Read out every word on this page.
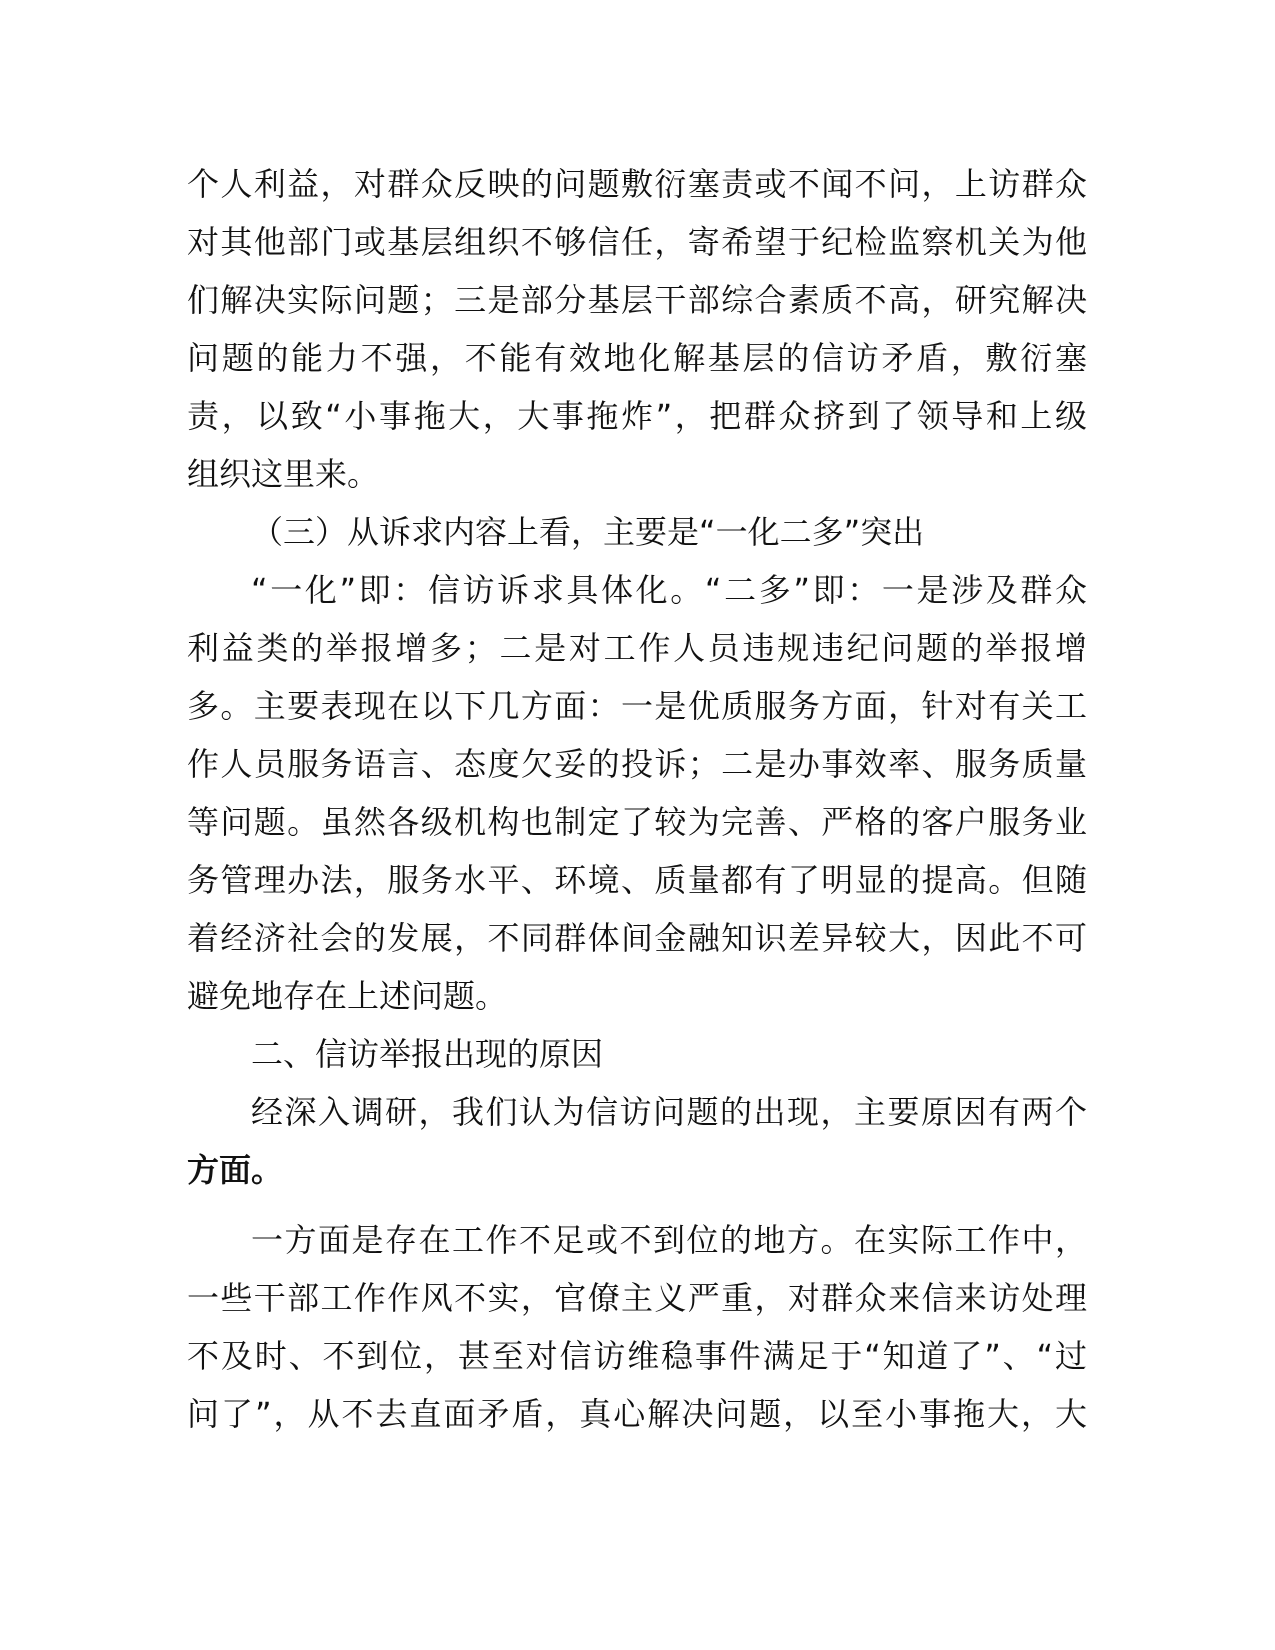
个人利益，对群众反映的问题敷衍塞责或不闻不问，上访群众
对其他部门或基层组织不够信任，寄希望于纪检监察机关为他
们解决实际问题；三是部分基层干部综合素质不高，研究解决
问题的能力不强，不能有效地化解基层的信访矛盾，敷衍塞
责，以致“小事拖大，大事拖炸”，把群众挤到了领导和上级
组织这里来。
（三）从诉求内容上看，主要是“一化二多”突出
“一化”即：信访诉求具体化。“二多”即：一是涉及群众
利益类的举报增多；二是对工作人员违规违纪问题的举报增
多。主要表现在以下几方面：一是优质服务方面，针对有关工
作人员服务语言、态度欠妥的投诉；二是办事效率、服务质量
等问题。虽然各级机构也制定了较为完善、严格的客户服务业
务管理办法，服务水平、环境、质量都有了明显的提高。但随
着经济社会的发展，不同群体间金融知识差异较大，因此不可
避免地存在上述问题。
二、信访举报出现的原因
经深入调研，我们认为信访问题的出现，主要原因有两个
方面。
一方面是存在工作不足或不到位的地方。在实际工作中，
一些干部工作作风不实，官僚主义严重，对群众来信来访处理
不及时、不到位，甚至对信访维稳事件满足于“知道了”、“过
问了”，从不去直面矛盾，真心解决问题，以至小事拖大，大
